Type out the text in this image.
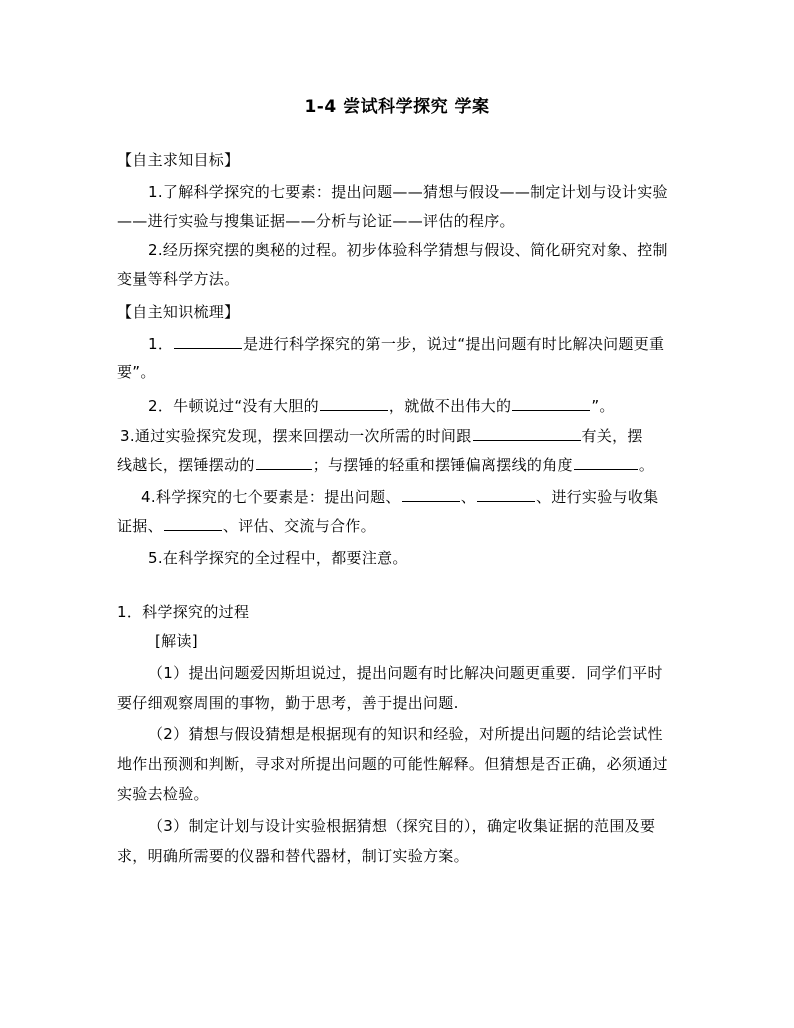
1-4 尝试科学探究 学案
【自主求知目标】
1.了解科学探究的七要素：提出问题——猜想与假设——制定计划与设计实验
——进行实验与搜集证据——分析与论证——评估的程序。
2.经历探究摆的奥秘的过程。初步体验科学猜想与假设、简化研究对象、控制
变量等科学方法。
【自主知识梳理】
1．	是进行科学探究的第一步，说过“提出问题有时比解决问题更重
要”。
2．牛顿说过“没有大胆的	，就做不出伟大的	”。
3.通过实验探究发现，摆来回摆动一次所需的时间跟	有关，摆
线越长，摆锤摆动的	；与摆锤的轻重和摆锤偏离摆线的角度	。
4.科学探究的七个要素是：提出问题、	、	、进行实验与收集
证据、	、评估、交流与合作。
5.在科学探究的全过程中，都要注意。
1．科学探究的过程
[解读]
（1）提出问题爱因斯坦说过，提出问题有时比解决问题更重要．同学们平时
要仔细观察周围的事物，勤于思考，善于提出问题.
（2）猜想与假设猜想是根据现有的知识和经验，对所提出问题的结论尝试性
地作出预测和判断，寻求对所提出问题的可能性解释。但猜想是否正确，必须通过
实验去检验。
（3）制定计划与设计实验根据猜想（探究目的），确定收集证据的范围及要
求，明确所需要的仪器和替代器材，制订实验方案。
